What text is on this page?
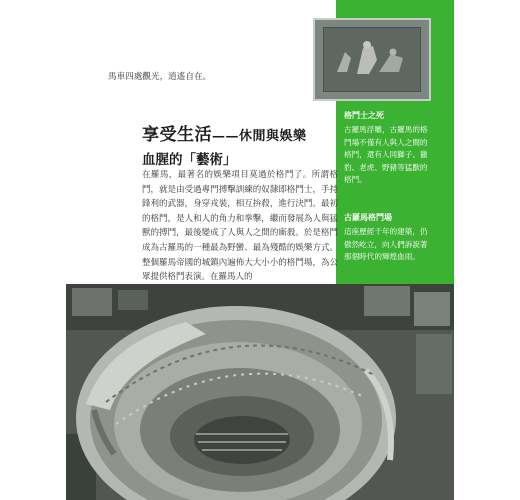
馬車四處觀光，逍遙自在。
享受生活——休閒與娛樂
血腥的「藝術」
在羅馬，最著名的娛樂項目莫過於格鬥了。所謂格鬥，就是由受過專門搏擊訓練的奴隸即格鬥士，手持鋒利的武器，身穿戎裝，相互拚殺，進行決鬥。最初的格鬥，是人和人的角力和拳擊，繼而發展為人與猛獸的搏鬥，最後變成了人與人之間的廝殺。於是格鬥成為古羅馬的一種最為野蠻、最為殘酷的娛樂方式。整個羅馬帝國的城鎮內遍佈大大小小的格鬥場，為公眾提供格鬥表演。在羅馬人的
格鬥士之死
古羅馬浮雕，古羅馬的格鬥場不僅有人與人之間的格鬥，還有人同獅子、獵豹、老虎、野豬等猛獸的格鬥。
古羅馬格鬥場
這座歷經千年的建築，仍傲然屹立，向人們訴說著那個時代的輝煌血雨。
